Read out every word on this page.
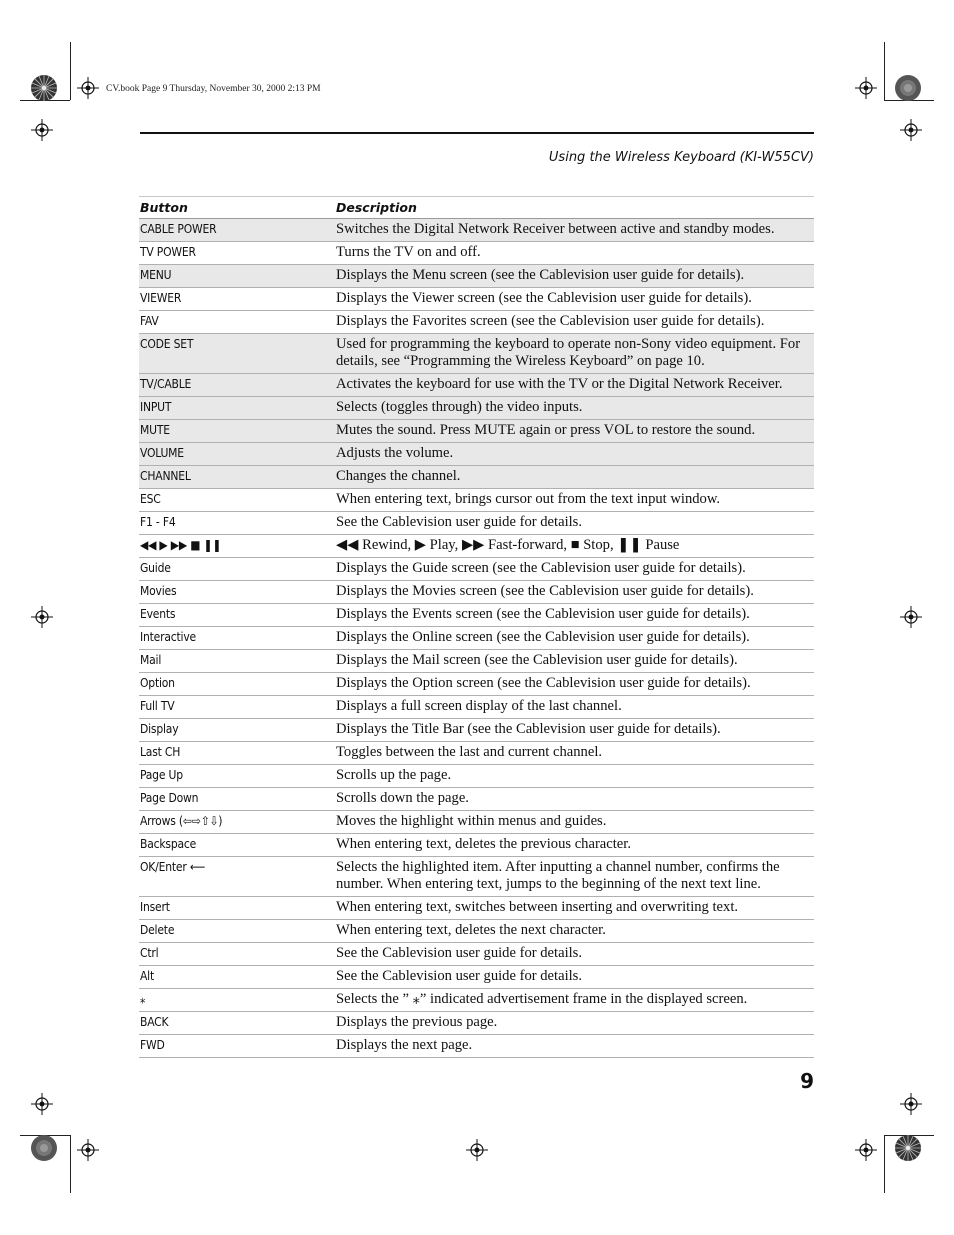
CV.book Page 9 Thursday, November 30, 2000 2:13 PM
Using the Wireless Keyboard (KI-W55CV)
Button	Description
CABLE POWER	Switches the Digital Network Receiver between active and standby modes.
TV POWER	Turns the TV on and off.
MENU	Displays the Menu screen (see the Cablevision user guide for details).
VIEWER	Displays the Viewer screen (see the Cablevision user guide for details).
FAV	Displays the Favorites screen (see the Cablevision user guide for details).
CODE SET	Used for programming the keyboard to operate non-Sony video equipment. For details, see “Programming the Wireless Keyboard” on page 10.
TV/CABLE	Activates the keyboard for use with the TV or the Digital Network Receiver.
INPUT	Selects (toggles through) the video inputs.
MUTE	Mutes the sound. Press MUTE again or press VOL to restore the sound.
VOLUME	Adjusts the volume.
CHANNEL	Changes the channel.
ESC	When entering text, brings cursor out from the text input window.
F1 - F4	See the Cablevision user guide for details.
◀◀ ▶ ▶▶ ■ ❚❚	◀◀ Rewind, ▶ Play, ▶▶ Fast-forward, ■ Stop, ❚❚ Pause
Guide	Displays the Guide screen (see the Cablevision user guide for details).
Movies	Displays the Movies screen (see the Cablevision user guide for details).
Events	Displays the Events screen (see the Cablevision user guide for details).
Interactive	Displays the Online screen (see the Cablevision user guide for details).
Mail	Displays the Mail screen (see the Cablevision user guide for details).
Option	Displays the Option screen (see the Cablevision user guide for details).
Full TV	Displays a full screen display of the last channel.
Display	Displays the Title Bar (see the Cablevision user guide for details).
Last CH	Toggles between the last and current channel.
Page Up	Scrolls up the page.
Page Down	Scrolls down the page.
Arrows (⇦⇨⇧⇩)	Moves the highlight within menus and guides.
Backspace	When entering text, deletes the previous character.
OK/Enter ⟵	Selects the highlighted item. After inputting a channel number, confirms the number. When entering text, jumps to the beginning of the next text line.
Insert	When entering text, switches between inserting and overwriting text.
Delete	When entering text, deletes the next character.
Ctrl	See the Cablevision user guide for details.
Alt	See the Cablevision user guide for details.
⁎	Selects the ” ⁎” indicated advertisement frame in the displayed screen.
BACK	Displays the previous page.
FWD	Displays the next page.
9
